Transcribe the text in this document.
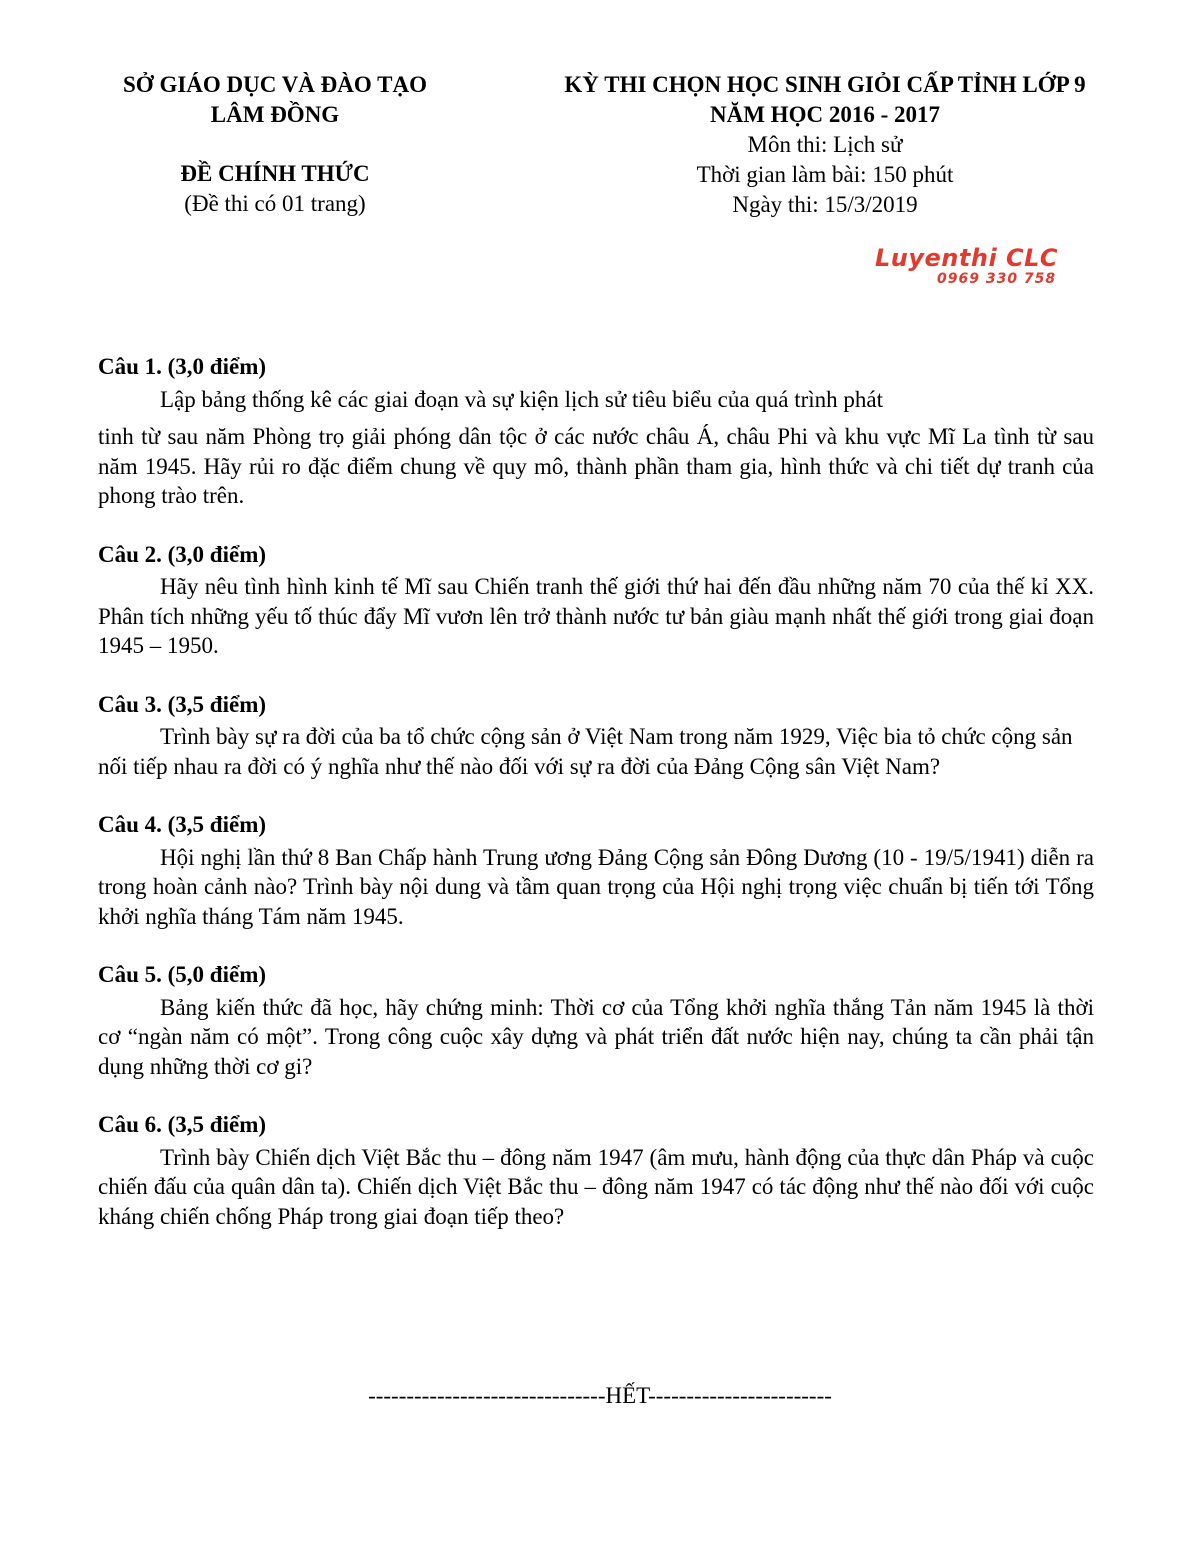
SỞ GIÁO DỤC VÀ ĐÀO TẠO
LÂM ĐỒNG
ĐỀ CHÍNH THỨC
(Đề thi có 01 trang)
KỲ THI CHỌN HỌC SINH GIỎI CẤP TỈNH LỚP 9
NĂM HỌC 2016 - 2017
Môn thi: Lịch sử
Thời gian làm bài: 150 phút
Ngày thi: 15/3/2019
Luyenthi CLC
0969 330 758
Câu 1. (3,0 điểm)

Lập bảng thống kê các giai đoạn và sự kiện lịch sử tiêu biểu của quá trình phát

tinh từ sau năm Phòng trọ giải phóng dân tộc ở các nước châu Á, châu Phi và khu vực Mĩ La tình từ sau năm 1945. Hãy rủi ro đặc điểm chung về quy mô, thành phần tham gia, hình thức và chi tiết dự tranh của phong trào trên.

Câu 2. (3,0 điểm)

Hãy nêu tình hình kinh tế Mĩ sau Chiến tranh thế giới thứ hai đến đầu những năm 70 của thế kỉ XX. Phân tích những yếu tố thúc đẩy Mĩ vươn lên trở thành nước tư bản giàu mạnh nhất thế giới trong giai đoạn 1945 – 1950.

Câu 3. (3,5 điểm)

Trình bày sự ra đời của ba tổ chức cộng sản ở Việt Nam trong năm 1929, Việc bia tỏ chức cộng sản nối tiếp nhau ra đời có ý nghĩa như thế nào đối với sự ra đời của Đảng Cộng sân Việt Nam?

Câu 4. (3,5 điểm)

Hội nghị lần thứ 8 Ban Chấp hành Trung ương Đảng Cộng sản Đông Dương (10 - 19/5/1941) diễn ra trong hoàn cảnh nào? Trình bày nội dung và tầm quan trọng của Hội nghị trọng việc chuẩn bị tiến tới Tổng khởi nghĩa tháng Tám năm 1945.

Câu 5. (5,0 điểm)

Bảng kiến thức đã học, hãy chứng minh: Thời cơ của Tổng khởi nghĩa thắng Tản năm 1945 là thời cơ “ngàn năm có một”. Trong công cuộc xây dựng và phát triển đất nước hiện nay, chúng ta cần phải tận dụng những thời cơ gi?

Câu 6. (3,5 điểm)

Trình bày Chiến dịch Việt Bắc thu – đông năm 1947 (âm mưu, hành động của thực dân Pháp và cuộc chiến đấu của quân dân ta). Chiến dịch Việt Bắc thu – đông năm 1947 có tác động như thế nào đối với cuộc kháng chiến chống Pháp trong giai đoạn tiếp theo?

-------------------------------HẾT------------------------
